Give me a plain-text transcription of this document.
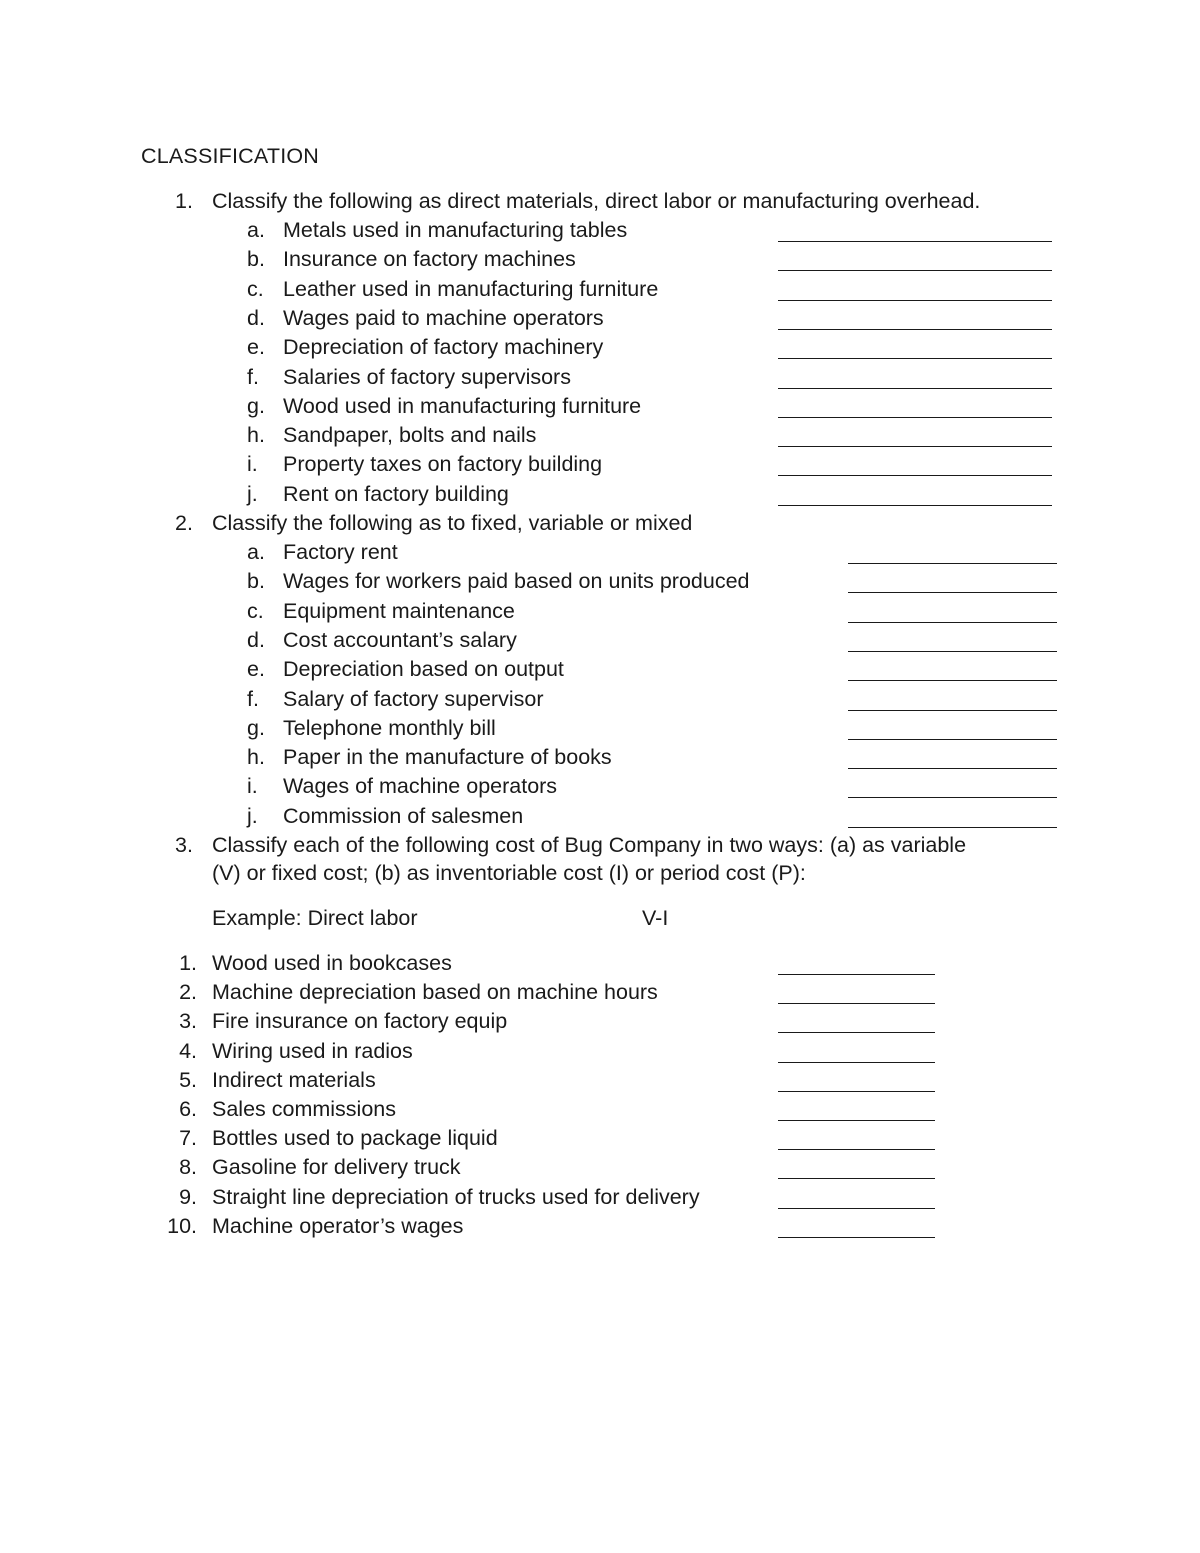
CLASSIFICATION
1. Classify the following as direct materials, direct labor or manufacturing overhead.
a. Metals used in manufacturing tables
b. Insurance on factory machines
c. Leather used in manufacturing furniture
d. Wages paid to machine operators
e. Depreciation of factory machinery
f. Salaries of factory supervisors
g. Wood used in manufacturing furniture
h. Sandpaper, bolts and nails
i. Property taxes on factory building
j. Rent on factory building
2. Classify the following as to fixed, variable or mixed
a. Factory rent
b. Wages for workers paid based on units produced
c. Equipment maintenance
d. Cost accountant’s salary
e. Depreciation based on output
f. Salary of factory supervisor
g. Telephone monthly bill
h. Paper in the manufacture of books
i. Wages of machine operators
j. Commission of salesmen
3. Classify each of the following cost of Bug Company in two ways: (a) as variable
(V) or fixed cost; (b) as inventoriable cost (I) or period cost (P):
Example: Direct labor	V-I
1. Wood used in bookcases
2. Machine depreciation based on machine hours
3. Fire insurance on factory equip
4. Wiring used in radios
5. Indirect materials
6. Sales commissions
7. Bottles used to package liquid
8. Gasoline for delivery truck
9. Straight line depreciation of trucks used for delivery
10. Machine operator’s wages
